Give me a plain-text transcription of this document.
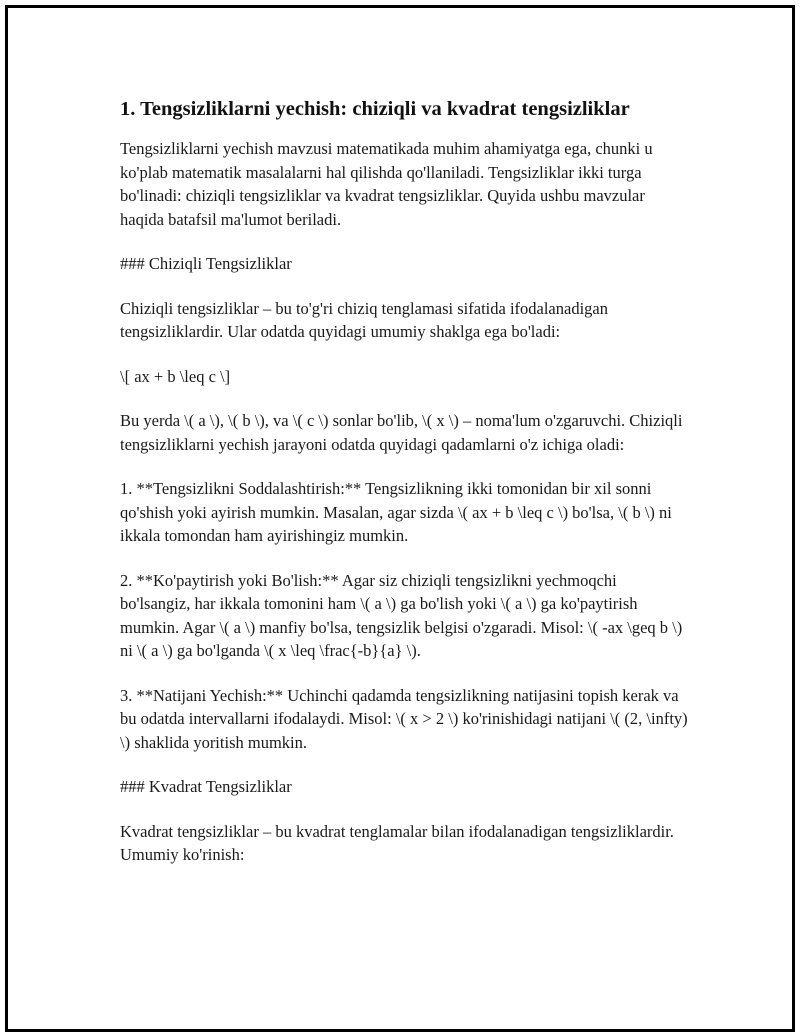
1. Tengsizliklarni yechish: chiziqli va kvadrat tengsizliklar

Tengsizliklarni yechish mavzusi matematikada muhim ahamiyatga ega, chunki u ko'plab matematik masalalarni hal qilishda qo'llaniladi. Tengsizliklar ikki turga bo'linadi: chiziqli tengsizliklar va kvadrat tengsizliklar. Quyida ushbu mavzular haqida batafsil ma'lumot beriladi.

### Chiziqli Tengsizliklar

Chiziqli tengsizliklar – bu to'g'ri chiziq tenglamasi sifatida ifodalanadigan tengsizliklardir. Ular odatda quyidagi umumiy shaklga ega bo'ladi:

\[ ax + b \leq c \]

Bu yerda \( a \), \( b \), va \( c \) sonlar bo'lib, \( x \) – noma'lum o'zgaruvchi. Chiziqli tengsizliklarni yechish jarayoni odatda quyidagi qadamlarni o'z ichiga oladi:

1. **Tengsizlikni Soddalashtirish:** Tengsizlikning ikki tomonidan bir xil sonni qo'shish yoki ayirish mumkin. Masalan, agar sizda \( ax + b \leq c \) bo'lsa, \( b \) ni ikkala tomondan ham ayirishingiz mumkin.

2. **Ko'paytirish yoki Bo'lish:** Agar siz chiziqli tengsizlikni yechmoqchi bo'lsangiz, har ikkala tomonini ham \( a \) ga bo'lish yoki \( a \) ga ko'paytirish mumkin. Agar \( a \) manfiy bo'lsa, tengsizlik belgisi o'zgaradi. Misol: \( -ax \geq b \) ni \( a \) ga bo'lganda \( x \leq \frac{-b}{a} \).

3. **Natijani Yechish:** Uchinchi qadamda tengsizlikning natijasini topish kerak va bu odatda intervallarni ifodalaydi. Misol: \( x > 2 \) ko'rinishidagi natijani \( (2, \infty) \) shaklida yoritish mumkin.

### Kvadrat Tengsizliklar

Kvadrat tengsizliklar – bu kvadrat tenglamalar bilan ifodalanadigan tengsizliklardir. Umumiy ko'rinish:
